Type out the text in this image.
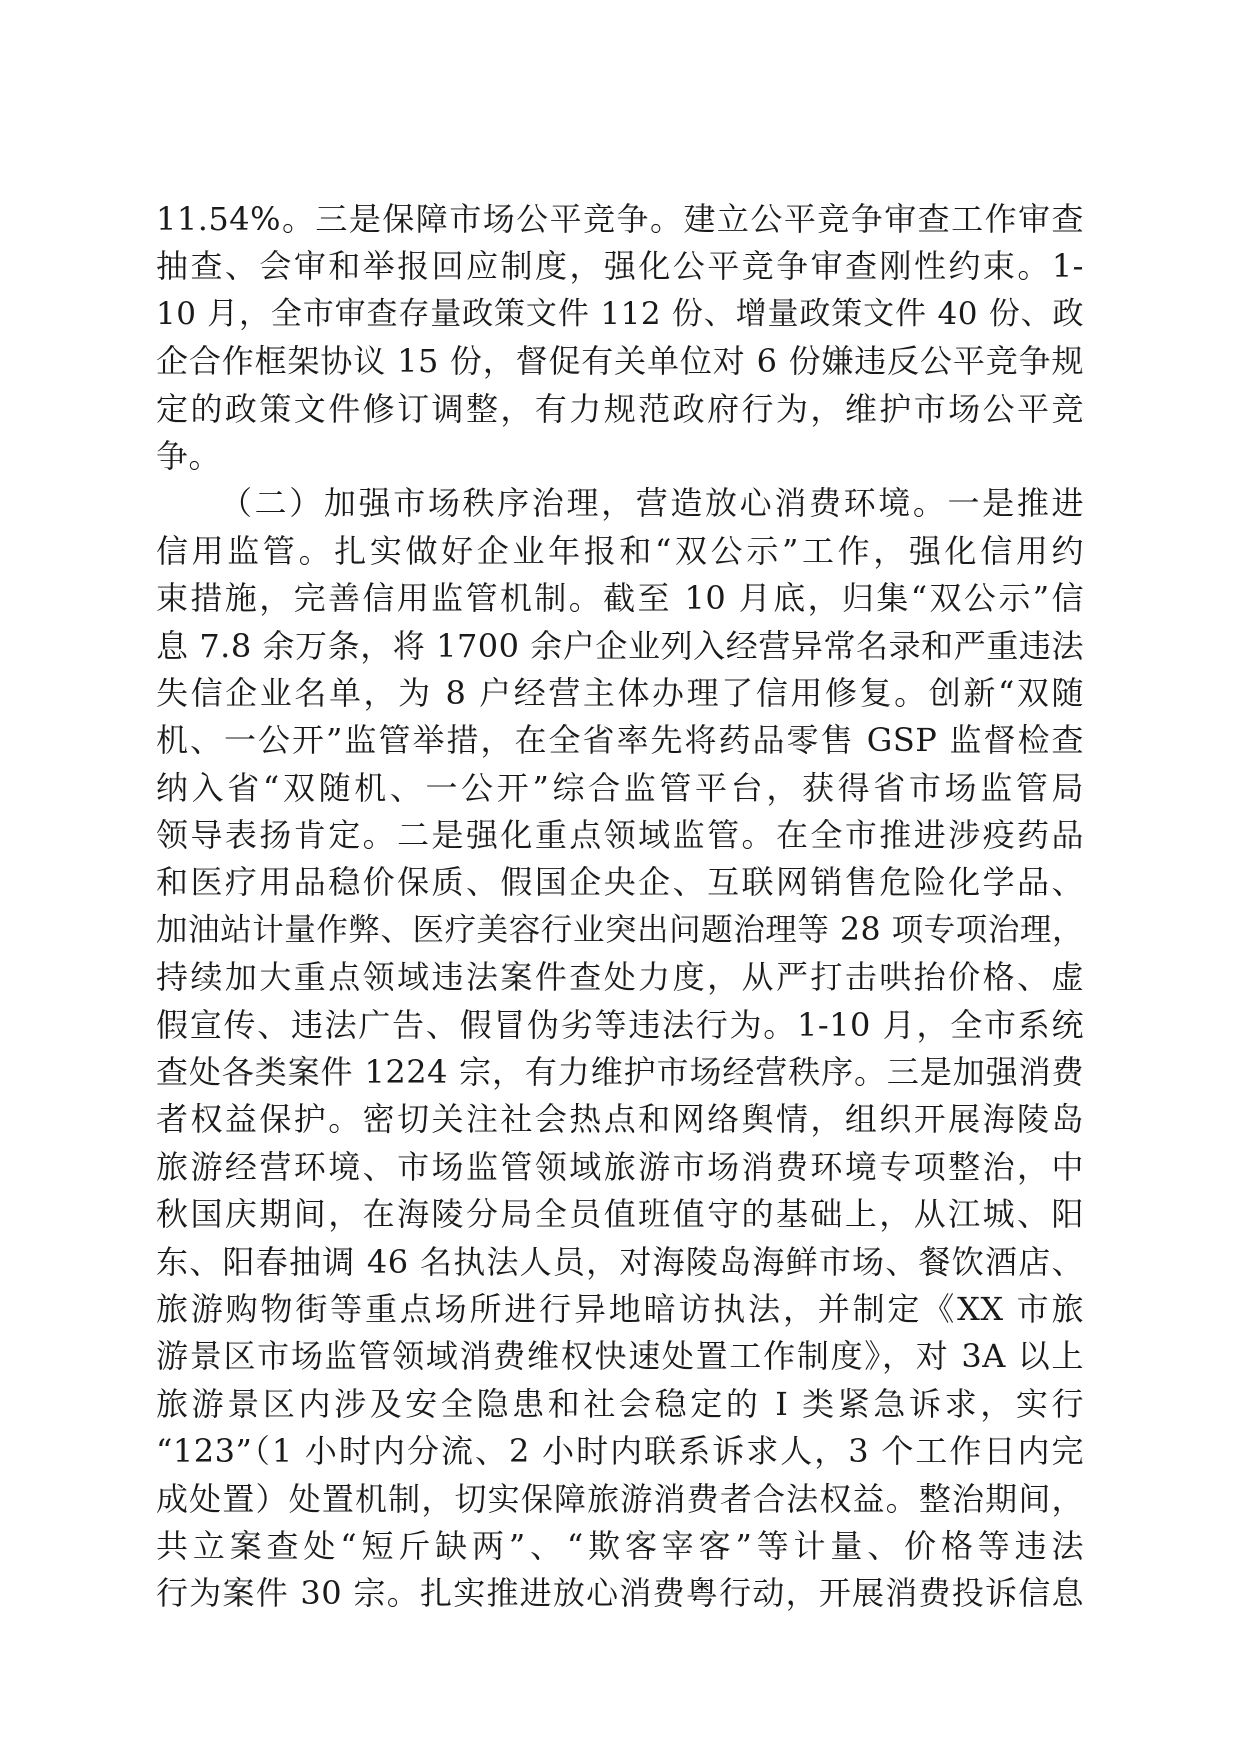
11.54%。三是保障市场公平竞争。建立公平竞争审查工作审查
抽查、会审和举报回应制度，强化公平竞争审查刚性约束。1-
10 月，全市审查存量政策文件 112 份、增量政策文件 40 份、政
企合作框架协议 15 份，督促有关单位对 6 份嫌违反公平竞争规
定的政策文件修订调整，有力规范政府行为，维护市场公平竞
争。
（二）加强市场秩序治理，营造放心消费环境。一是推进
信用监管。扎实做好企业年报和“双公示”工作，强化信用约
束措施，完善信用监管机制。截至 10 月底，归集“双公示”信
息 7.8 余万条，将 1700 余户企业列入经营异常名录和严重违法
失信企业名单，为 8 户经营主体办理了信用修复。创新“双随
机、一公开”监管举措，在全省率先将药品零售 GSP 监督检查
纳入省“双随机、一公开”综合监管平台，获得省市场监管局
领导表扬肯定。二是强化重点领域监管。在全市推进涉疫药品
和医疗用品稳价保质、假国企央企、互联网销售危险化学品、
加油站计量作弊、医疗美容行业突出问题治理等 28 项专项治理，
持续加大重点领域违法案件查处力度，从严打击哄抬价格、虚
假宣传、违法广告、假冒伪劣等违法行为。1-10 月，全市系统
查处各类案件 1224 宗，有力维护市场经营秩序。三是加强消费
者权益保护。密切关注社会热点和网络舆情，组织开展海陵岛
旅游经营环境、市场监管领域旅游市场消费环境专项整治，中
秋国庆期间，在海陵分局全员值班值守的基础上，从江城、阳
东、阳春抽调 46 名执法人员，对海陵岛海鲜市场、餐饮酒店、
旅游购物街等重点场所进行异地暗访执法，并制定《XX 市旅
游景区市场监管领域消费维权快速处置工作制度》，对 3A 以上
旅游景区内涉及安全隐患和社会稳定的 I 类紧急诉求，实行
“123”（1 小时内分流、2 小时内联系诉求人，3 个工作日内完
成处置）处置机制，切实保障旅游消费者合法权益。整治期间，
共立案查处“短斤缺两”、“欺客宰客”等计量、价格等违法
行为案件 30 宗。扎实推进放心消费粤行动，开展消费投诉信息
